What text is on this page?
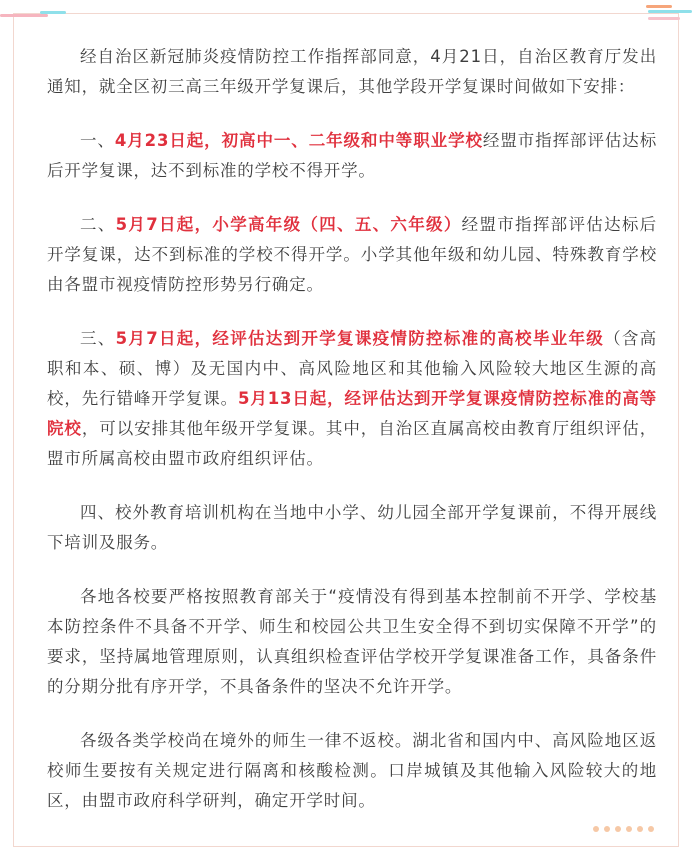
经自治区新冠肺炎疫情防控工作指挥部同意，4月21日，自治区教育厅发出通知，就全区初三高三年级开学复课后，其他学段开学复课时间做如下安排：

一、4月23日起，初高中一、二年级和中等职业学校经盟市指挥部评估达标后开学复课，达不到标准的学校不得开学。

二、5月7日起，小学高年级（四、五、六年级）经盟市指挥部评估达标后开学复课，达不到标准的学校不得开学。小学其他年级和幼儿园、特殊教育学校由各盟市视疫情防控形势另行确定。

三、5月7日起，经评估达到开学复课疫情防控标准的高校毕业年级（含高职和本、硕、博）及无国内中、高风险地区和其他输入风险较大地区生源的高校，先行错峰开学复课。5月13日起，经评估达到开学复课疫情防控标准的高等院校，可以安排其他年级开学复课。其中，自治区直属高校由教育厅组织评估，盟市所属高校由盟市政府组织评估。

四、校外教育培训机构在当地中小学、幼儿园全部开学复课前，不得开展线下培训及服务。

各地各校要严格按照教育部关于“疫情没有得到基本控制前不开学、学校基本防控条件不具备不开学、师生和校园公共卫生安全得不到切实保障不开学”的要求，坚持属地管理原则，认真组织检查评估学校开学复课准备工作，具备条件的分期分批有序开学，不具备条件的坚决不允许开学。

各级各类学校尚在境外的师生一律不返校。湖北省和国内中、高风险地区返校师生要按有关规定进行隔离和核酸检测。口岸城镇及其他输入风险较大的地区，由盟市政府科学研判，确定开学时间。
